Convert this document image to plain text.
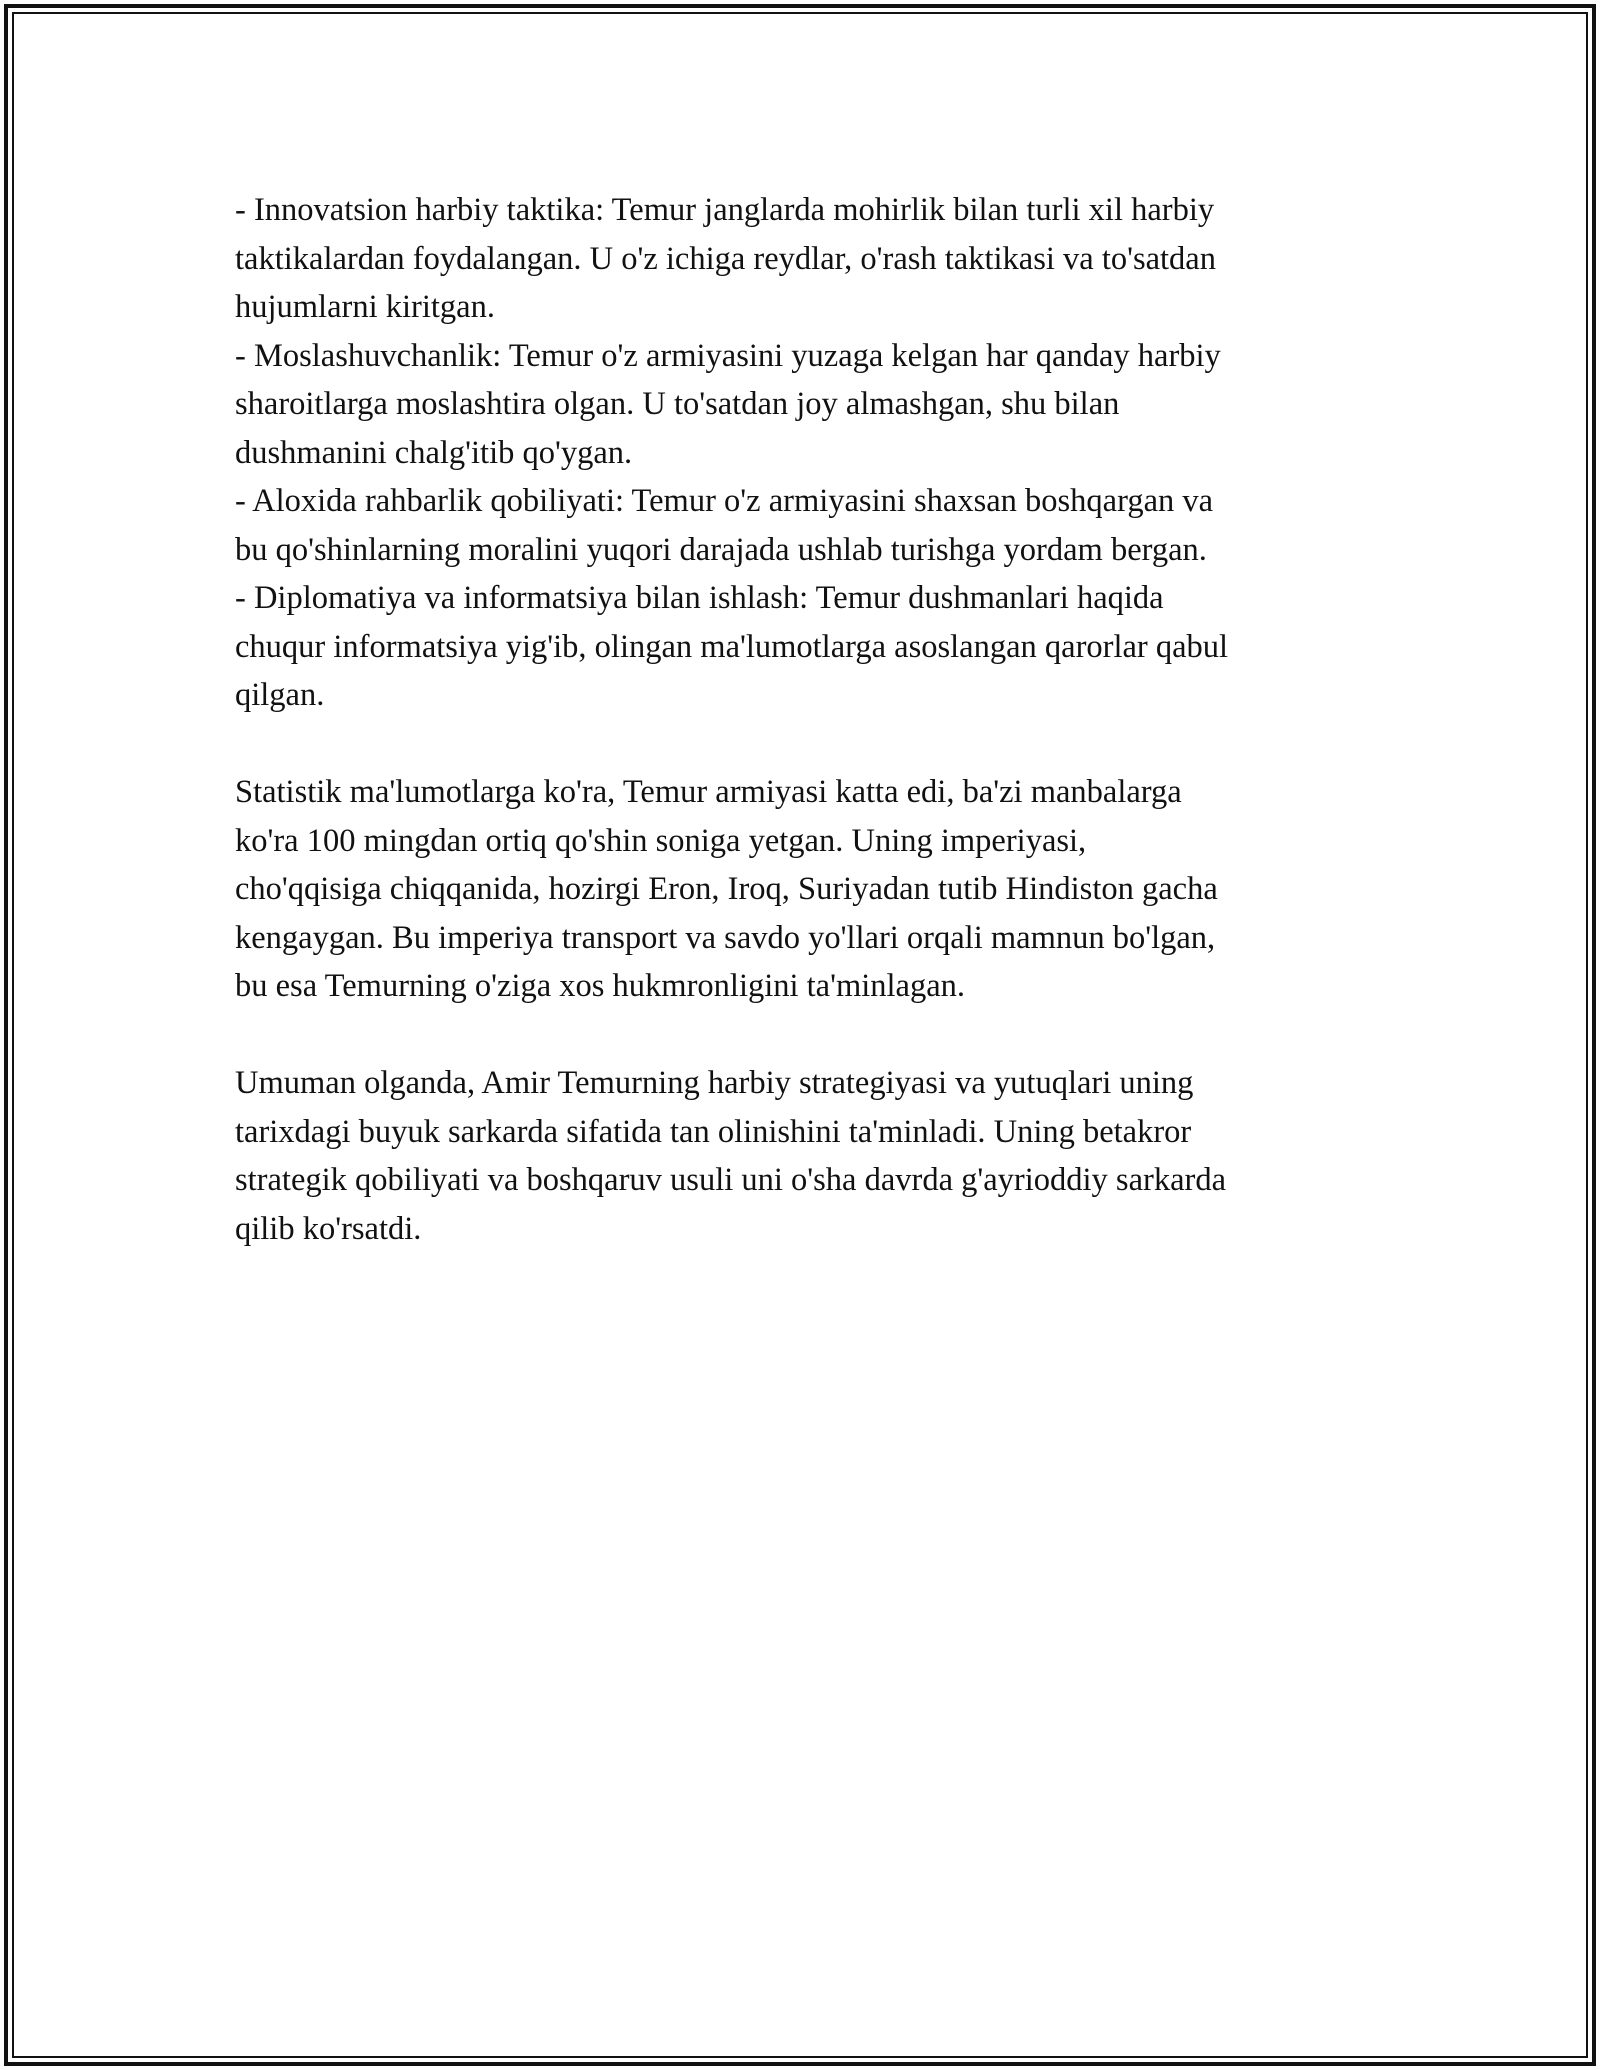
- Innovatsion harbiy taktika: Temur janglarda mohirlik bilan turli xil harbiy
taktikalardan foydalangan. U o'z ichiga reydlar, o'rash taktikasi va to'satdan
hujumlarni kiritgan.
- Moslashuvchanlik: Temur o'z armiyasini yuzaga kelgan har qanday harbiy
sharoitlarga moslashtira olgan. U to'satdan joy almashgan, shu bilan
dushmanini chalg'itib qo'ygan.
- Aloxida rahbarlik qobiliyati: Temur o'z armiyasini shaxsan boshqargan va
bu qo'shinlarning moralini yuqori darajada ushlab turishga yordam bergan.
- Diplomatiya va informatsiya bilan ishlash: Temur dushmanlari haqida
chuqur informatsiya yig'ib, olingan ma'lumotlarga asoslangan qarorlar qabul
qilgan.

Statistik ma'lumotlarga ko'ra, Temur armiyasi katta edi, ba'zi manbalarga
ko'ra 100 mingdan ortiq qo'shin soniga yetgan. Uning imperiyasi,
cho'qqisiga chiqqanida, hozirgi Eron, Iroq, Suriyadan tutib Hindiston gacha
kengaygan. Bu imperiya transport va savdo yo'llari orqali mamnun bo'lgan,
bu esa Temurning o'ziga xos hukmronligini ta'minlagan.

Umuman olganda, Amir Temurning harbiy strategiyasi va yutuqlari uning
tarixdagi buyuk sarkarda sifatida tan olinishini ta'minladi. Uning betakror
strategik qobiliyati va boshqaruv usuli uni o'sha davrda g'ayrioddiy sarkarda
qilib ko'rsatdi.
